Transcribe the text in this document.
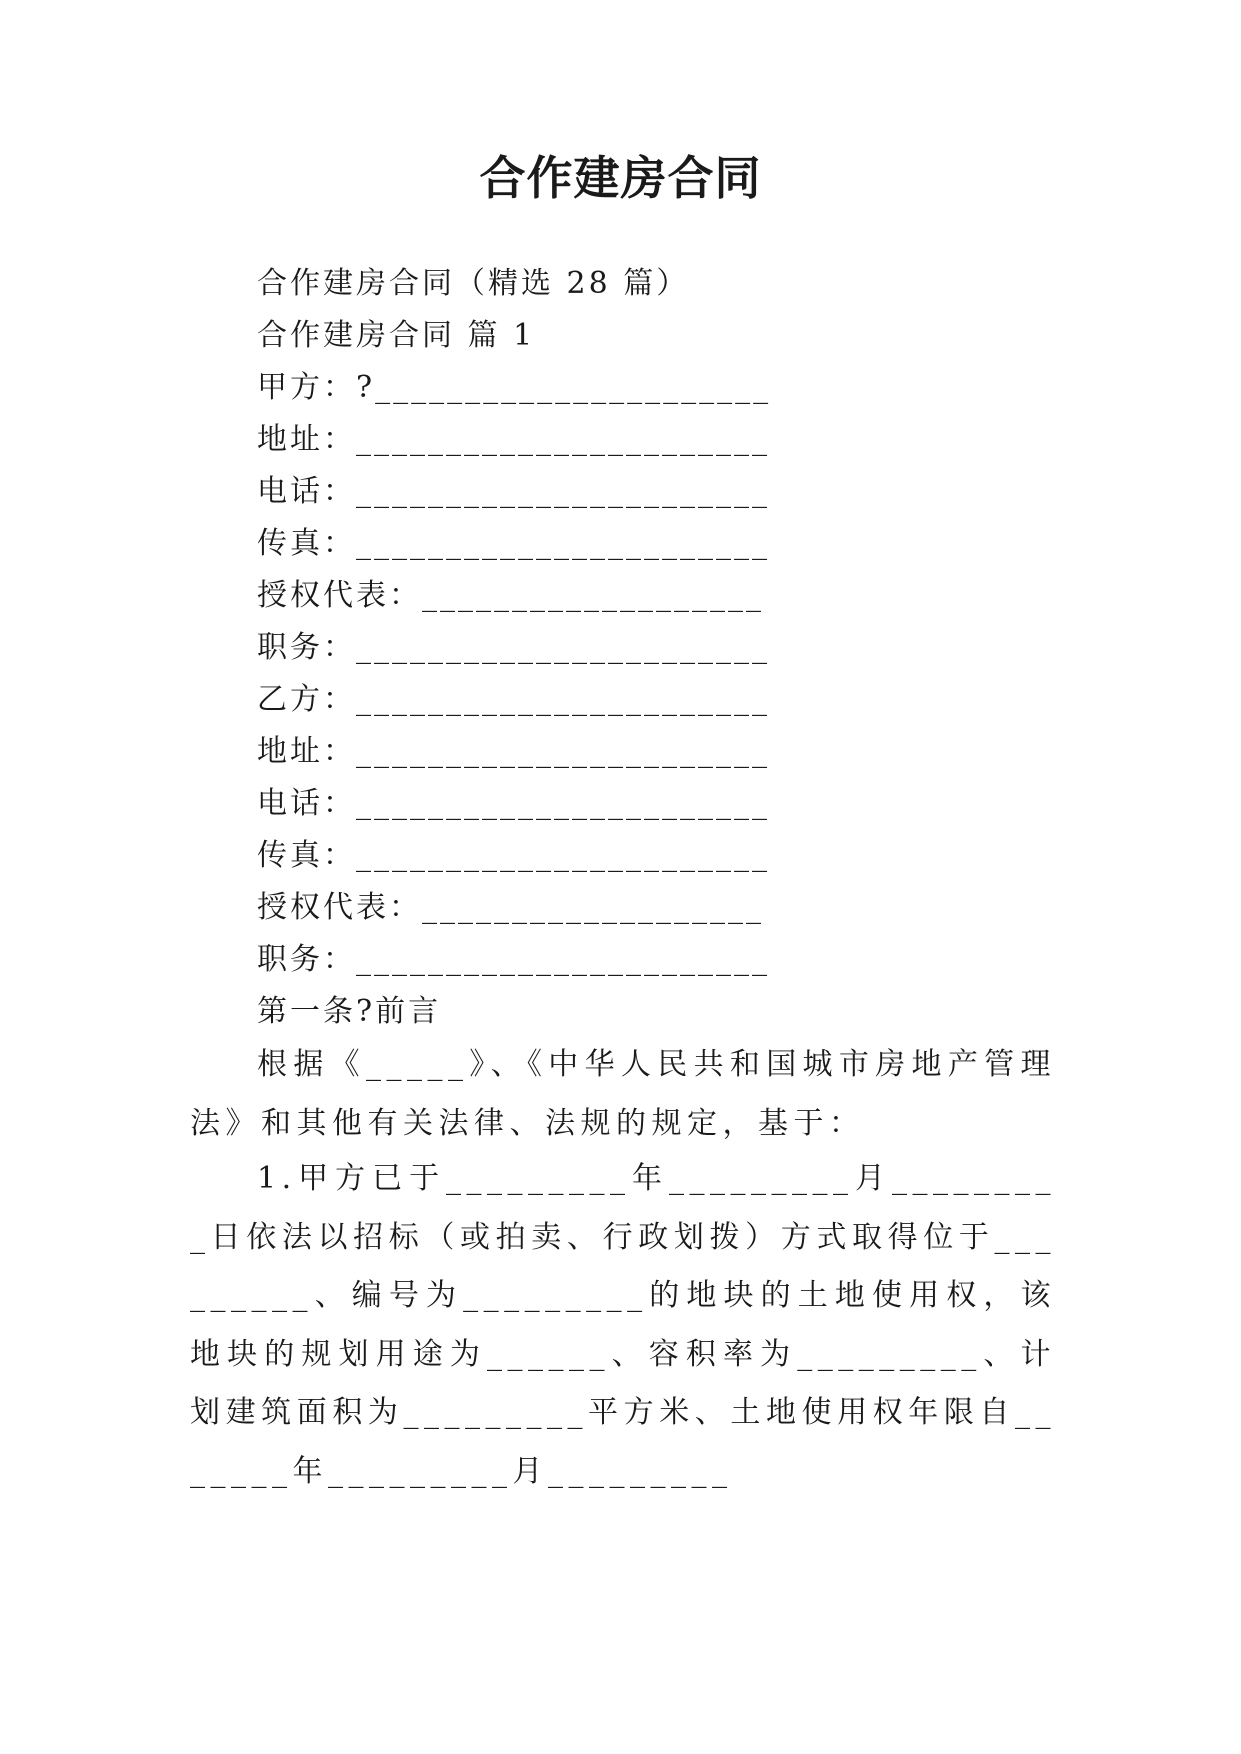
合作建房合同
合作建房合同（精选 28 篇）
合作建房合同 篇 1
甲方：?______________________
地址：_______________________
电话：_______________________
传真：_______________________
授权代表：___________________
职务：_______________________
乙方：_______________________
地址：_______________________
电话：_______________________
传真：_______________________
授权代表：___________________
职务：_______________________
第一条?前言

根据《_____》、《中华人民共和国城市房地产管理法》和其他有关法律、法规的规定，基于：

1.甲方已于_________年_________月_________日依法以招标（或拍卖、行政划拨）方式取得位于_________、编号为_________的地块的土地使用权，该地块的规划用途为______、容积率为_________、计划建筑面积为_________平方米、土地使用权年限自_______年_________月_________
